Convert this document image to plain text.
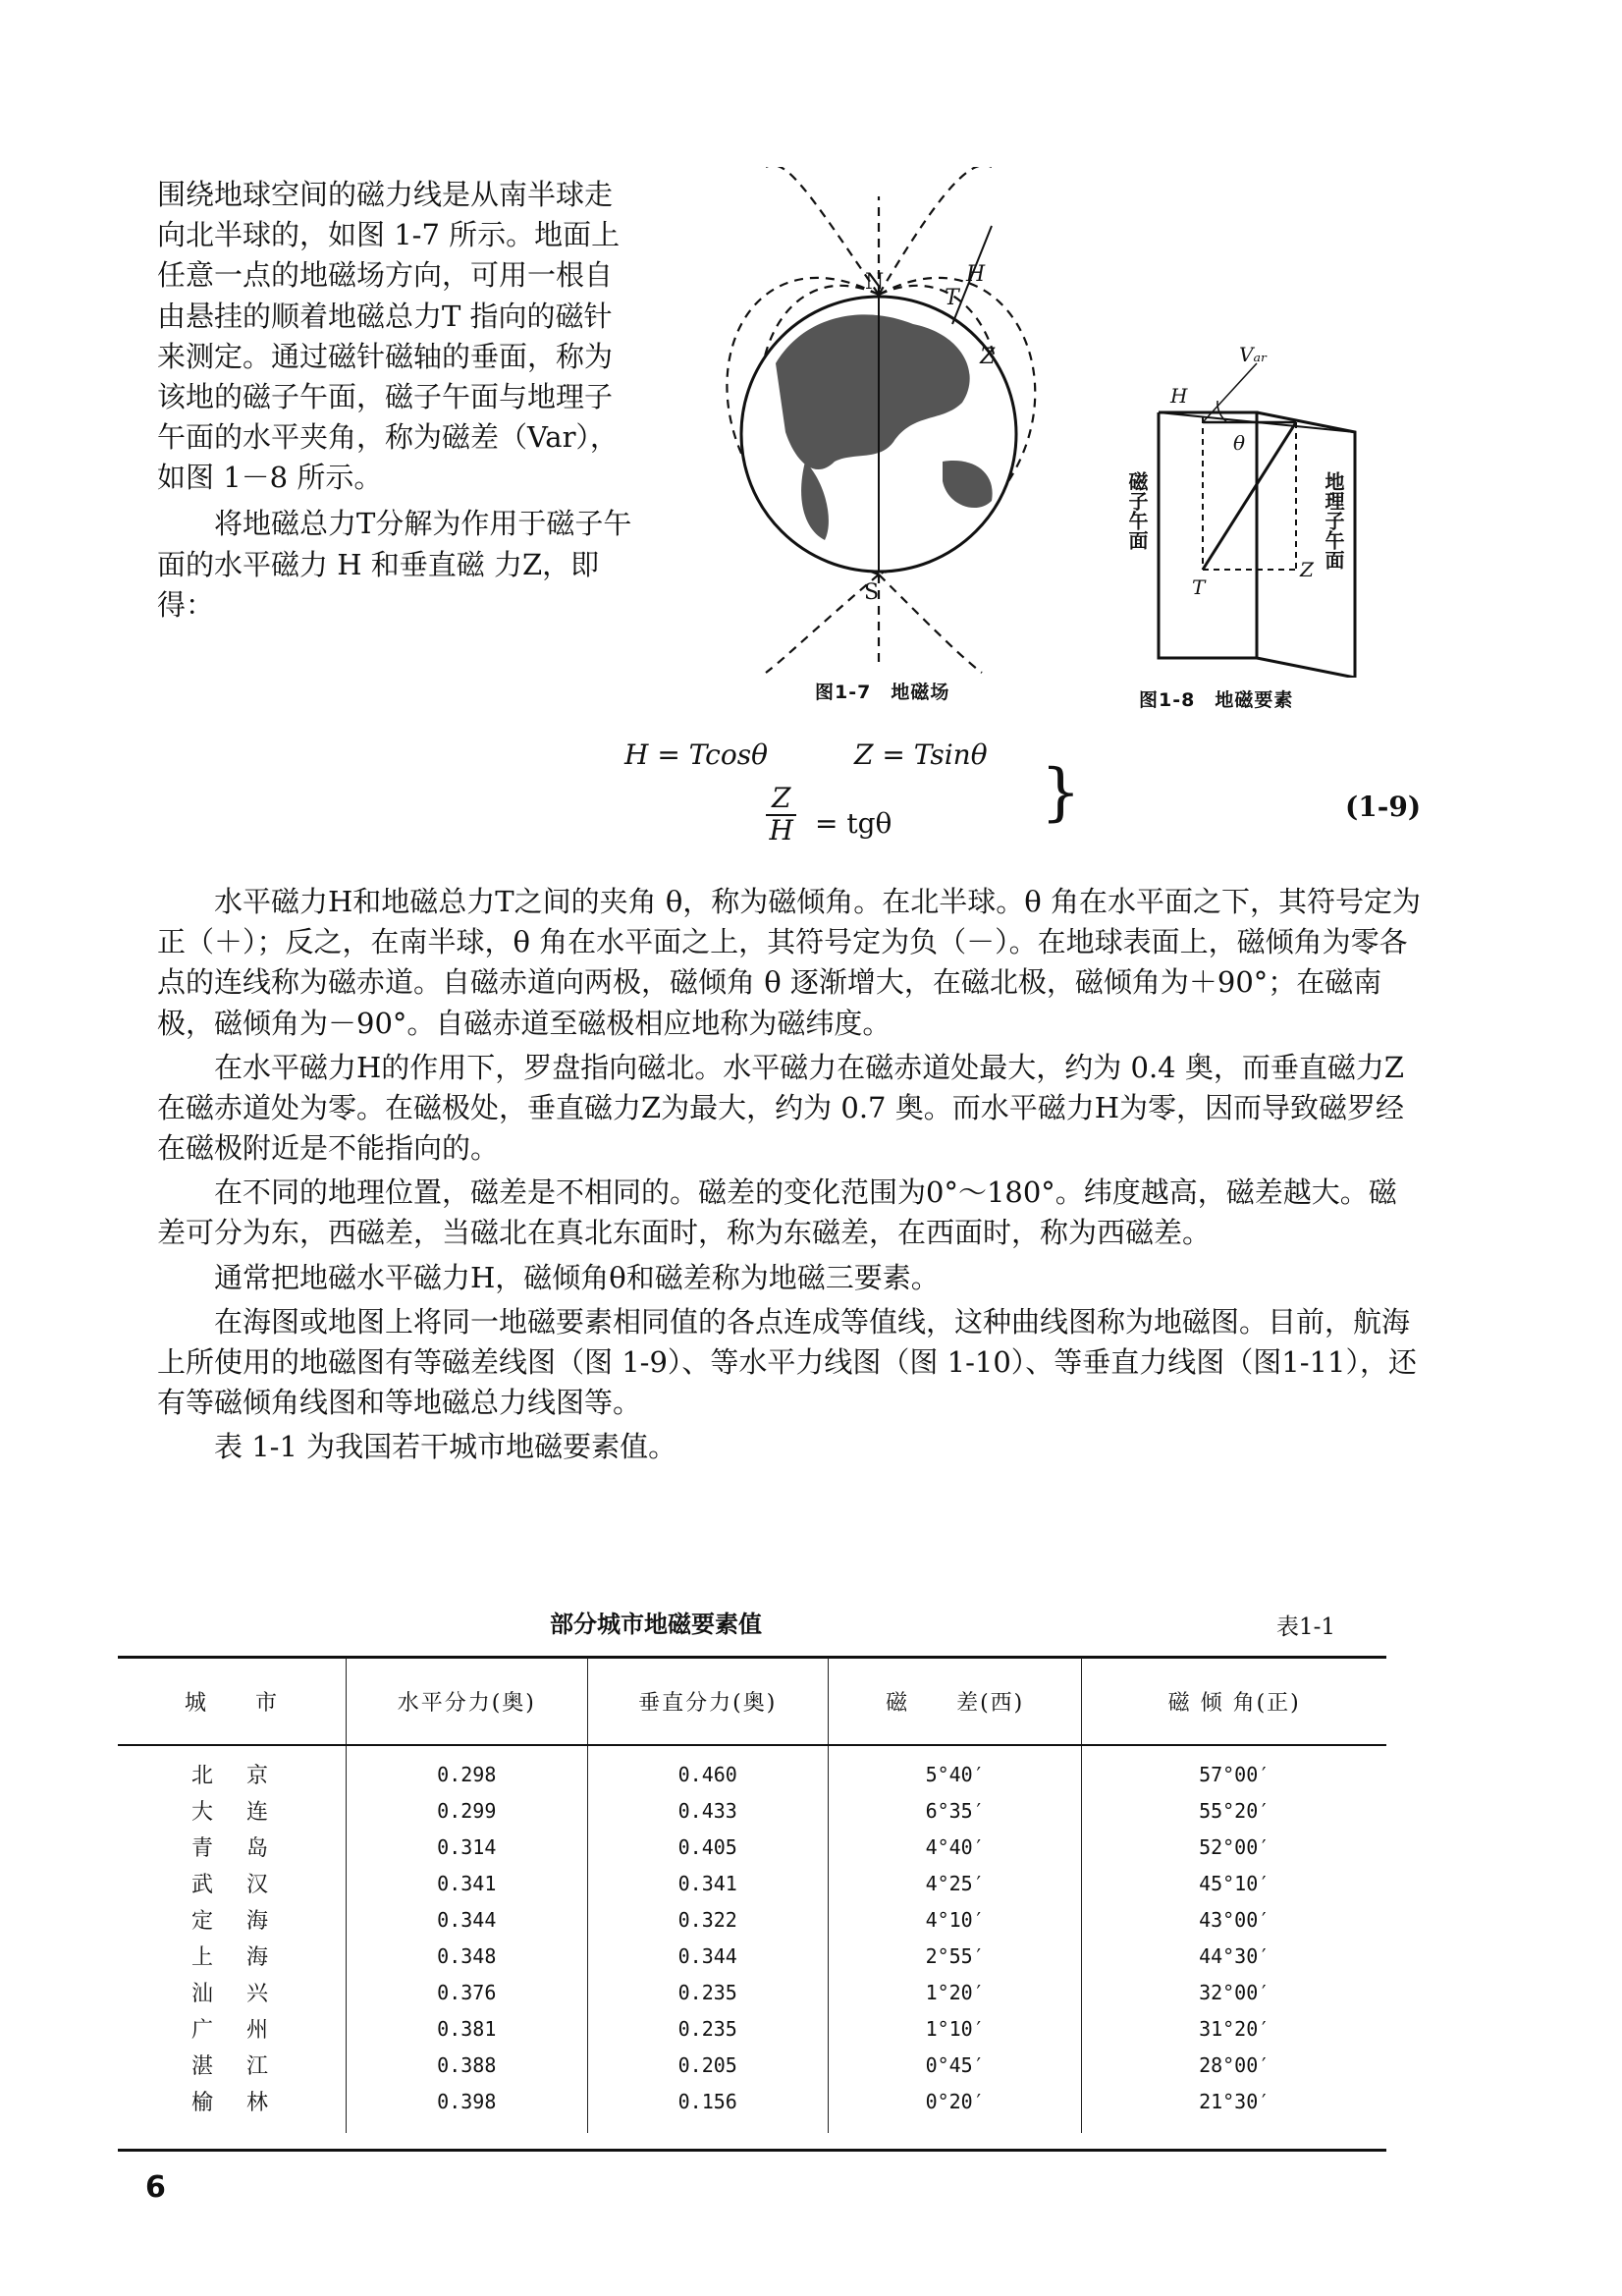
围绕地球空间的磁力线是从南半球走向北半球的，如图 1-7 所示。地面上任意一点的地磁场方向，可用一根自由悬挂的顺着地磁总力T 指向的磁针来测定。通过磁针磁轴的垂面，称为该地的磁子午面，磁子午面与地理子午面的水平夹角，称为磁差（Var），如图 1－8 所示。

将地磁总力T分解为作用于磁子午面的水平磁力 H 和垂直磁 力Z，即得：

N
S
T
H
Z
图1-7　地磁场
Vₐᵣ
H
θ
T
Z
磁子午面	地理子午面
图1-8　地磁要素
H = Tcosθ	Z = Tsinθ
$\frac{Z}{H} = tg\theta$ }	(1-9)

水平磁力H和地磁总力T之间的夹角 θ，称为磁倾角。在北半球。θ 角在水平面之下，其符号定为正（＋）；反之，在南半球，θ 角在水平面之上，其符号定为负（－）。在地球表面上，磁倾角为零各点的连线称为磁赤道。自磁赤道向两极，磁倾角 θ 逐渐增大，在磁北极，磁倾角为＋90°；在磁南极，磁倾角为－90°。自磁赤道至磁极相应地称为磁纬度。

在水平磁力H的作用下，罗盘指向磁北。水平磁力在磁赤道处最大，约为 0.4 奥，而垂直磁力Z在磁赤道处为零。在磁极处，垂直磁力Z为最大，约为 0.7 奥。而水平磁力H为零，因而导致磁罗经在磁极附近是不能指向的。

在不同的地理位置，磁差是不相同的。磁差的变化范围为0°～180°。纬度越高，磁差越大。磁差可分为东，西磁差，当磁北在真北东面时，称为东磁差，在西面时，称为西磁差。

通常把地磁水平磁力H，磁倾角θ和磁差称为地磁三要素。

在海图或地图上将同一地磁要素相同值的各点连成等值线，这种曲线图称为地磁图。目前，航海上所使用的地磁图有等磁差线图（图 1-9）、等水平力线图（图 1-10）、等垂直力线图（图1-11），还有等磁倾角线图和等地磁总力线图等。

表 1-1 为我国若干城市地磁要素值。

部分城市地磁要素值	表1-1
城　　市	水平分力(奥)	垂直分力(奥)	磁　　差(西)	磁 倾 角(正)
北京	0.298	0.460	5°40′	57°00′
大连	0.299	0.433	6°35′	55°20′
青岛	0.314	0.405	4°40′	52°00′
武汉	0.341	0.341	4°25′	45°10′
定海	0.344	0.322	4°10′	43°00′
上海	0.348	0.344	2°55′	44°30′
汕兴	0.376	0.235	1°20′	32°00′
广州	0.381	0.235	1°10′	31°20′
湛江	0.388	0.205	0°45′	28°00′
榆林	0.398	0.156	0°20′	21°30′
6
